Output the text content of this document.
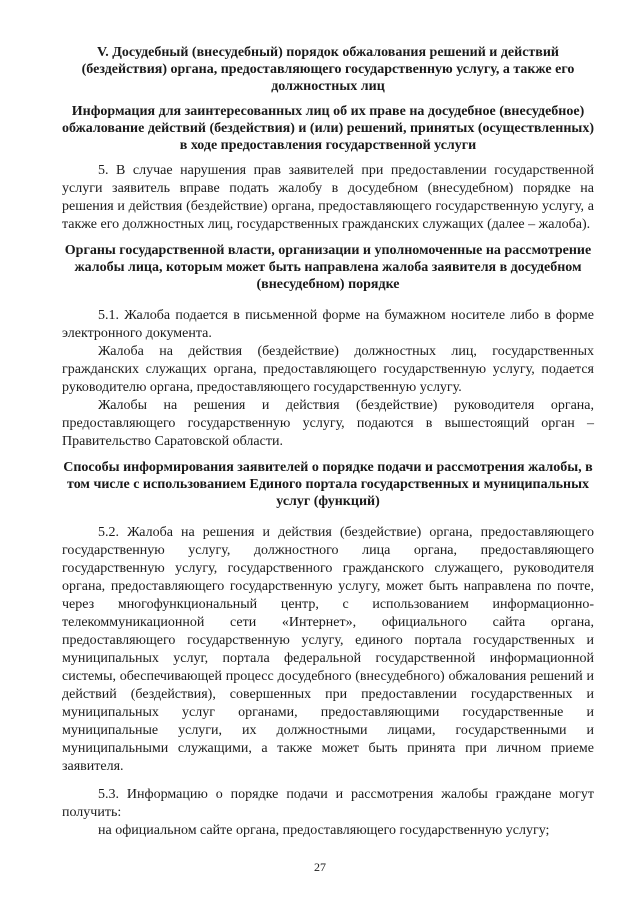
V. Досудебный (внесудебный) порядок обжалования решений и действий (бездействия) органа, предоставляющего государственную услугу, а также его должностных лиц

Информация для заинтересованных лиц об их праве на досудебное (внесудебное) обжалование действий (бездействия) и (или) решений, принятых (осуществленных) в ходе предоставления государственной услуги

5. В случае нарушения прав заявителей при предоставлении государственной услуги заявитель вправе подать жалобу в досудебном (внесудебном) порядке на решения и действия (бездействие) органа, предоставляющего государственную услугу, а также его должностных лиц, государственных гражданских служащих (далее – жалоба).

Органы государственной власти, организации и уполномоченные на рассмотрение жалобы лица, которым может быть направлена жалоба заявителя в досудебном (внесудебном) порядке

5.1. Жалоба подается в письменной форме на бумажном носителе либо в форме электронного документа.

Жалоба на действия (бездействие) должностных лиц, государственных гражданских служащих органа, предоставляющего государственную услугу, подается руководителю органа, предоставляющего государственную услугу.

Жалобы на решения и действия (бездействие) руководителя органа, предоставляющего государственную услугу, подаются в вышестоящий орган – Правительство Саратовской области.

Способы информирования заявителей о порядке подачи и рассмотрения жалобы, в том числе с использованием Единого портала государственных и муниципальных услуг (функций)

5.2. Жалоба на решения и действия (бездействие) органа, предоставляющего государственную услугу, должностного лица органа, предоставляющего государственную услугу, государственного гражданского служащего, руководителя органа, предоставляющего государственную услугу, может быть направлена по почте, через многофункциональный центр, с использованием информационно-телекоммуникационной сети «Интернет», официального сайта органа, предоставляющего государственную услугу, единого портала государственных и муниципальных услуг, портала федеральной государственной информационной системы, обеспечивающей процесс досудебного (внесудебного) обжалования решений и действий (бездействия), совершенных при предоставлении государственных и муниципальных услуг органами, предоставляющими государственные и муниципальные услуги, их должностными лицами, государственными и муниципальными служащими, а также может быть принята при личном приеме заявителя.

5.3. Информацию о порядке подачи и рассмотрения жалобы граждане могут получить:

на официальном сайте органа, предоставляющего государственную услугу;

27
